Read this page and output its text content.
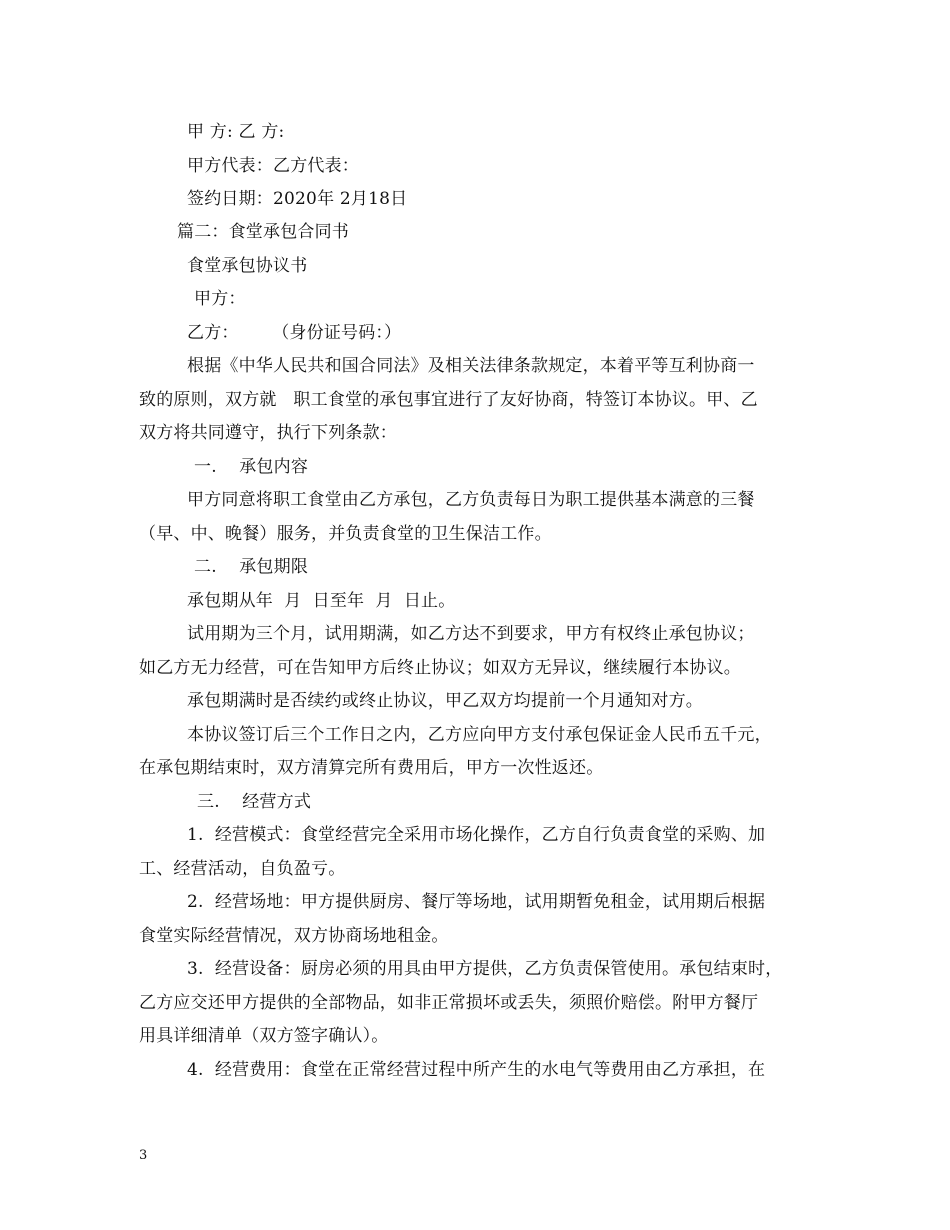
甲 方: 乙 方:
甲方代表：乙方代表：
签约日期：2020年 2月18日
篇二：食堂承包合同书
食堂承包协议书
甲方：
乙方：      （身份证号码：）
根据《中华人民共和国合同法》及相关法律条款规定，本着平等互利协商一
致的原则，双方就   职工食堂的承包事宜进行了友好协商，特签订本协议。甲、乙
双方将共同遵守，执行下列条款：
一.    承包内容
甲方同意将职工食堂由乙方承包，乙方负责每日为职工提供基本满意的三餐
（早、中、晚餐）服务，并负责食堂的卫生保洁工作。
二.    承包期限
承包期从年  月  日至年  月  日止。
试用期为三个月，试用期满，如乙方达不到要求，甲方有权终止承包协议；
如乙方无力经营，可在告知甲方后终止协议；如双方无异议，继续履行本协议。
承包期满时是否续约或终止协议，甲乙双方均提前一个月通知对方。
本协议签订后三个工作日之内，乙方应向甲方支付承包保证金人民币五千元，
在承包期结束时，双方清算完所有费用后，甲方一次性返还。
三.    经营方式
1.  经营模式：食堂经营完全采用市场化操作，乙方自行负责食堂的采购、加
工、经营活动，自负盈亏。
2.  经营场地：甲方提供厨房、餐厅等场地，试用期暂免租金，试用期后根据
食堂实际经营情况，双方协商场地租金。
3.  经营设备：厨房必须的用具由甲方提供，乙方负责保管使用。承包结束时，
乙方应交还甲方提供的全部物品，如非正常损坏或丢失，须照价赔偿。附甲方餐厅
用具详细清单（双方签字确认）。
4.  经营费用：食堂在正常经营过程中所产生的水电气等费用由乙方承担，在
3
